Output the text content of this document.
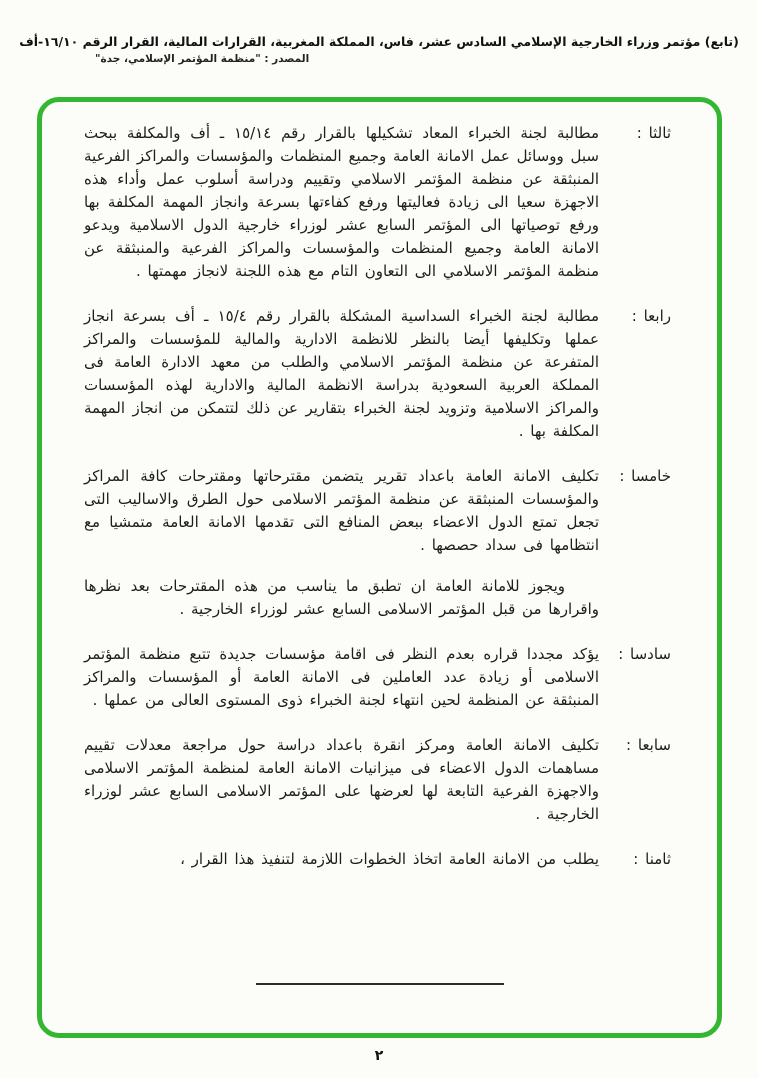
(تابع) مؤتمر وزراء الخارجية الإسلامي السادس عشر، فاس، المملكة المغربية، القرارات المالية، القرار الرقم ١٦/١٠-أف
المصدر : "منظمة المؤتمر الإسلامي، جدة"
ثالثا :

مطالبة لجنة الخبراء المعاد تشكيلها بالقرار رقم ١٥/١٤ ـ أف والمكلفة ببحث سبل ووسائل عمل الامانة العامة وجميع المنظمات والمؤسسات والمراكز الفرعية المنبثقة عن منظمة المؤتمر الاسلامي وتقييم ودراسة أسلوب عمل وأداء هذه الاجهزة سعيا الى زيادة فعاليتها ورفع كفاءتها بسرعة وانجاز المهمة المكلفة بها ورفع توصياتها الى المؤتمر السابع عشر لوزراء خارجية الدول الاسلامية ويدعو الامانة العامة وجميع المنظمات والمؤسسات والمراكز الفرعية والمنبثقة عن منظمة المؤتمر الاسلامي الى التعاون التام مع هذه اللجنة لانجاز مهمتها .

رابعا :

مطالبة لجنة الخبراء السداسية المشكلة بالقرار رقم ١٥/٤ ـ أف بسرعة انجاز عملها وتكليفها أيضا بالنظر للانظمة الادارية والمالية للمؤسسات والمراكز المتفرعة عن منظمة المؤتمر الاسلامي والطلب من معهد الادارة العامة فى المملكة العربية السعودية بدراسة الانظمة المالية والادارية لهذه المؤسسات والمراكز الاسلامية وتزويد لجنة الخبراء بتقارير عن ذلك لتتمكن من انجاز المهمة المكلفة بها .

خامسا :

تكليف الامانة العامة باعداد تقرير يتضمن مقترحاتها ومقترحات كافة المراكز والمؤسسات المنبثقة عن منظمة المؤتمر الاسلامى حول الطرق والاساليب التى تجعل تمتع الدول الاعضاء ببعض المنافع التى تقدمها الامانة العامة متمشيا مع انتظامها فى سداد حصصها .

ويجوز للامانة العامة ان تطبق ما يناسب من هذه المقترحات بعد نظرها واقرارها من قبل المؤتمر الاسلامى السابع عشر لوزراء الخارجية .

سادسا :

يؤكد مجددا قراره بعدم النظر فى اقامة مؤسسات جديدة تتبع منظمة المؤتمر الاسلامى أو زيادة عدد العاملين فى الامانة العامة أو المؤسسات والمراكز المنبثقة عن المنظمة لحين انتهاء لجنة الخبراء ذوى المستوى العالى من عملها .

سابعا :

تكليف الامانة العامة ومركز انقرة باعداد دراسة حول مراجعة معدلات تقييم مساهمات الدول الاعضاء فى ميزانيات الامانة العامة لمنظمة المؤتمر الاسلامى والاجهزة الفرعية التابعة لها لعرضها على المؤتمر الاسلامى السابع عشر لوزراء الخارجية .

ثامنا :

يطلب من الامانة العامة اتخاذ الخطوات اللازمة لتنفيذ هذا القرار ،

٢
